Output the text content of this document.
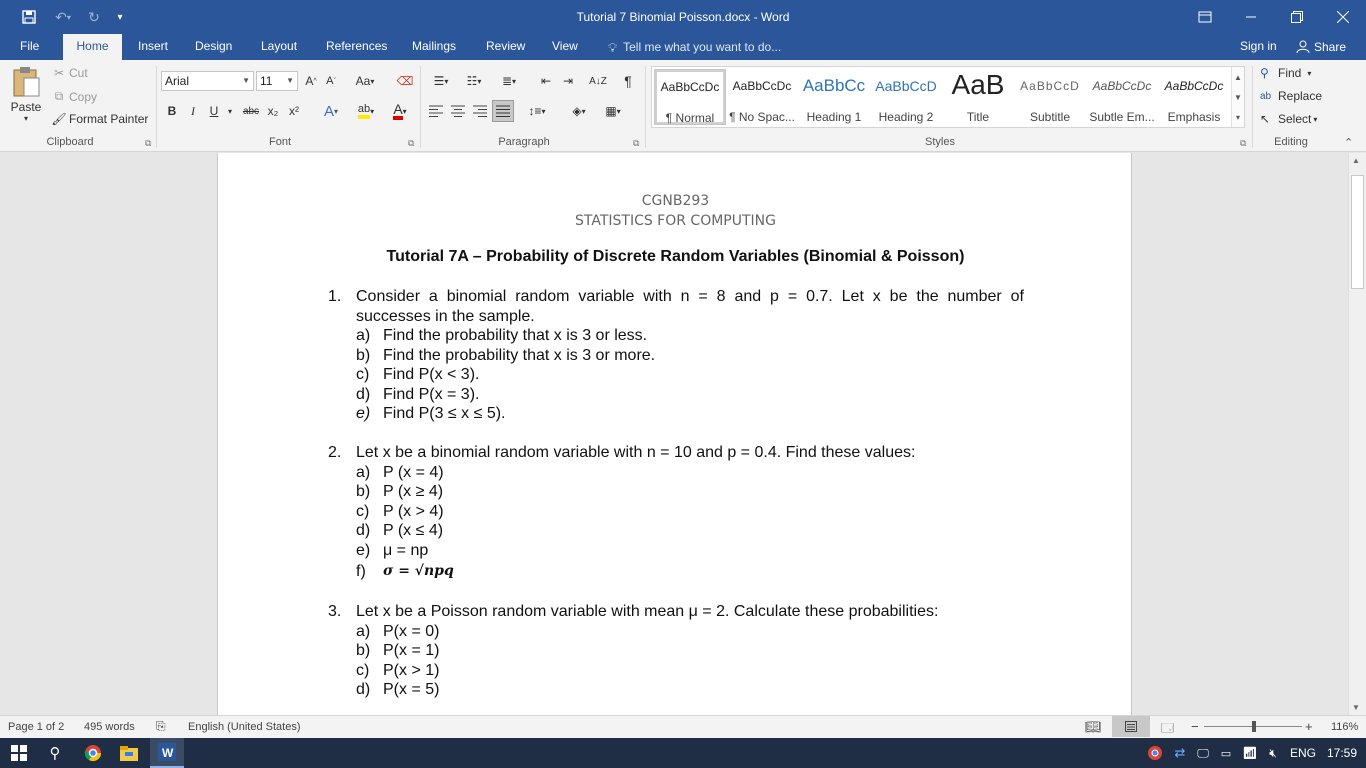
↶ ▾ ↻	▾	Tutorial 7 Binomial Poisson.docx - Word
File	Home	Insert	Design	Layout	References	Mailings	Review	View	💡︎ Tell me what you want to do...	Sign in	Share
Paste
▾
✂ Cut
⧉ Copy
🖌︎ Format Painter
Clipboard	⧉
Arial	▼ 11 ▼ A ^ A ˇ	Aa ▾ ⌫
B	I	U	▾	abc x₂ x²	A ▾ ab ▾ A ▾
Font	⧉
☰ ▾	☷ ▾	≣ ▾	⇤ ⇥	A↓Z	¶
↕≡ ▾	◈ ▾	▦ ▾
Paragraph	⧉
AaBbCcDc
¶ Normal
AaBbCcDc
¶ No Spac...
AaBbCc
Heading 1
AaBbCcD
Heading 2
AaB
Title
AaBbCcD
Subtitle
AaBbCcDc
Subtle Em...
AaBbCcDc
Emphasis
▲
▼
▾
Styles	⧉
⚲ Find ▾
ab Replace
↖ Select ▾
Editing	⌃
CGNB293
STATISTICS FOR COMPUTING
Tutorial 7A – Probability of Discrete Random Variables (Binomial & Poisson)
1. Consider a binomial random variable with n = 8 and p = 0.7. Let x be the number of
successes in the sample.
a) Find the probability that x is 3 or less.
b) Find the probability that x is 3 or more.
c) Find P(x < 3).
d) Find P(x = 3).
e) Find P(3 ≤ x ≤ 5).
2. Let x be a binomial random variable with n = 10 and p = 0.4. Find these values:
a) P (x = 4)
b) P (x ≥ 4)
c) P (x > 4)
d) P (x ≤ 4)
e) μ = np
f) σ = √npq
3. Let x be a Poisson random variable with mean μ = 2. Calculate these probabilities:
a) P(x = 0)
b) P(x = 1)
c) P(x > 1)
d) P(x = 5)
▲
▼
Page 1 of 2 495 words ⎘ English (United States)	📖︎	🗔 −	+ 116%
⚲	W	⇄ 🖵	▭ 📶︎ 🔇︎	ENG 17:59
